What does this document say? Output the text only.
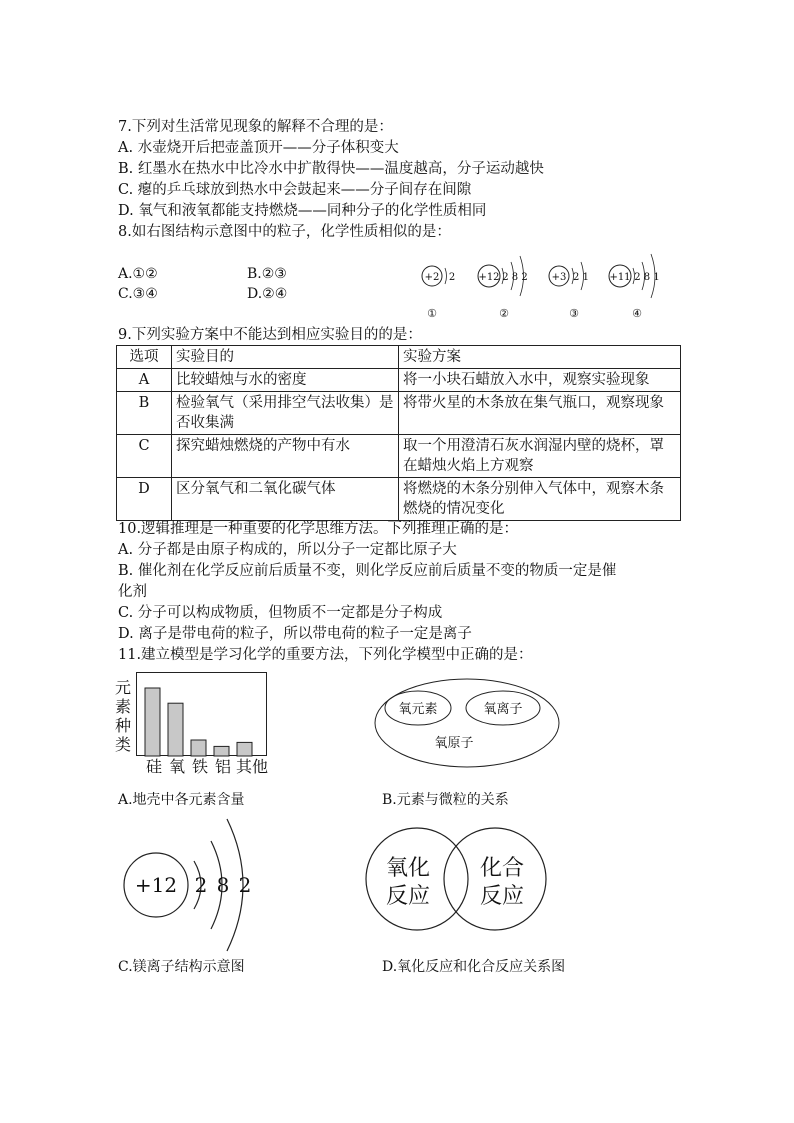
7.下列对生活常见现象的解释不合理的是：
A. 水壶烧开后把壶盖顶开——分子体积变大
B. 红墨水在热水中比冷水中扩散得快——温度越高，分子运动越快
C. 瘪的乒乓球放到热水中会鼓起来——分子间存在间隙
D. 氧气和液氧都能支持燃烧——同种分子的化学性质相同
8.如右图结构示意图中的粒子，化学性质相似的是：
A.①②	B.②③
C.③④	D.②④
+2 2
①
+12 2 8 2
②
+3 2 1
③
+11 2 8 1
④
9.下列实验方案中不能达到相应实验目的的是：
选项	实验目的	实验方案
A	比较蜡烛与水的密度	将一小块石蜡放入水中，观察实验现象
B	检验氧气（采用排空气法收集）是否收集满	将带火星的木条放在集气瓶口，观察现象
C	探究蜡烛燃烧的产物中有水	取一个用澄清石灰水润湿内壁的烧杯，罩在蜡烛火焰上方观察
D	区分氧气和二氧化碳气体	将燃烧的木条分别伸入气体中，观察木条燃烧的情况变化
10.逻辑推理是一种重要的化学思维方法。下列推理正确的是：
A. 分子都是由原子构成的，所以分子一定都比原子大
B. 催化剂在化学反应前后质量不变，则化学反应前后质量不变的物质一定是催
化剂
C. 分子可以构成物质，但物质不一定都是分子构成
D. 离子是带电荷的粒子，所以带电荷的粒子一定是离子
11.建立模型是学习化学的重要方法，下列化学模型中正确的是：
元素种类
硅 氧 铁 铝 其他
A.地壳中各元素含量
氧元素	氧离子
氧原子
B.元素与微粒的关系
+12 2 8 2
C.镁离子结构示意图
氧化
反应
化合
反应
D.氧化反应和化合反应关系图
